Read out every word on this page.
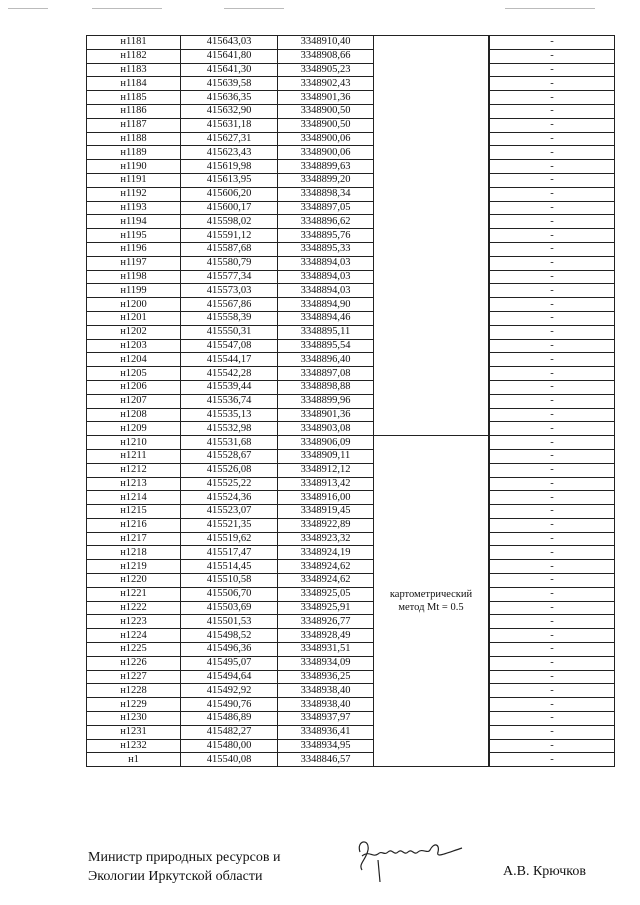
н1181	415643,03	3348910,40			-
н1182	415641,80	3348908,66		-
н1183	415641,30	3348905,23		-
н1184	415639,58	3348902,43		-
н1185	415636,35	3348901,36		-
н1186	415632,90	3348900,50		-
н1187	415631,18	3348900,50		-
н1188	415627,31	3348900,06		-
н1189	415623,43	3348900,06		-
н1190	415619,98	3348899,63		-
н1191	415613,95	3348899,20		-
н1192	415606,20	3348898,34		-
н1193	415600,17	3348897,05		-
н1194	415598,02	3348896,62		-
н1195	415591,12	3348895,76		-
н1196	415587,68	3348895,33		-
н1197	415580,79	3348894,03		-
н1198	415577,34	3348894,03		-
н1199	415573,03	3348894,03		-
н1200	415567,86	3348894,90		-
н1201	415558,39	3348894,46		-
н1202	415550,31	3348895,11		-
н1203	415547,08	3348895,54		-
н1204	415544,17	3348896,40		-
н1205	415542,28	3348897,08		-
н1206	415539,44	3348898,88		-
н1207	415536,74	3348899,96		-
н1208	415535,13	3348901,36		-
н1209	415532,98	3348903,08		-
н1210	415531,68	3348906,09	картометрический метод Mt = 0.5		-
н1211	415528,67	3348909,11		-
н1212	415526,08	3348912,12		-
н1213	415525,22	3348913,42		-
н1214	415524,36	3348916,00		-
н1215	415523,07	3348919,45		-
н1216	415521,35	3348922,89		-
н1217	415519,62	3348923,32		-
н1218	415517,47	3348924,19		-
н1219	415514,45	3348924,62		-
н1220	415510,58	3348924,62		-
н1221	415506,70	3348925,05		-
н1222	415503,69	3348925,91		-
н1223	415501,53	3348926,77		-
н1224	415498,52	3348928,49		-
н1225	415496,36	3348931,51		-
н1226	415495,07	3348934,09		-
н1227	415494,64	3348936,25		-
н1228	415492,92	3348938,40		-
н1229	415490,76	3348938,40		-
н1230	415486,89	3348937,97		-
н1231	415482,27	3348936,41		-
н1232	415480,00	3348934,95		-
н1	415540,08	3348846,57		-
Министр природных ресурсов и
Экологии Иркутской области	А.В. Крючков
